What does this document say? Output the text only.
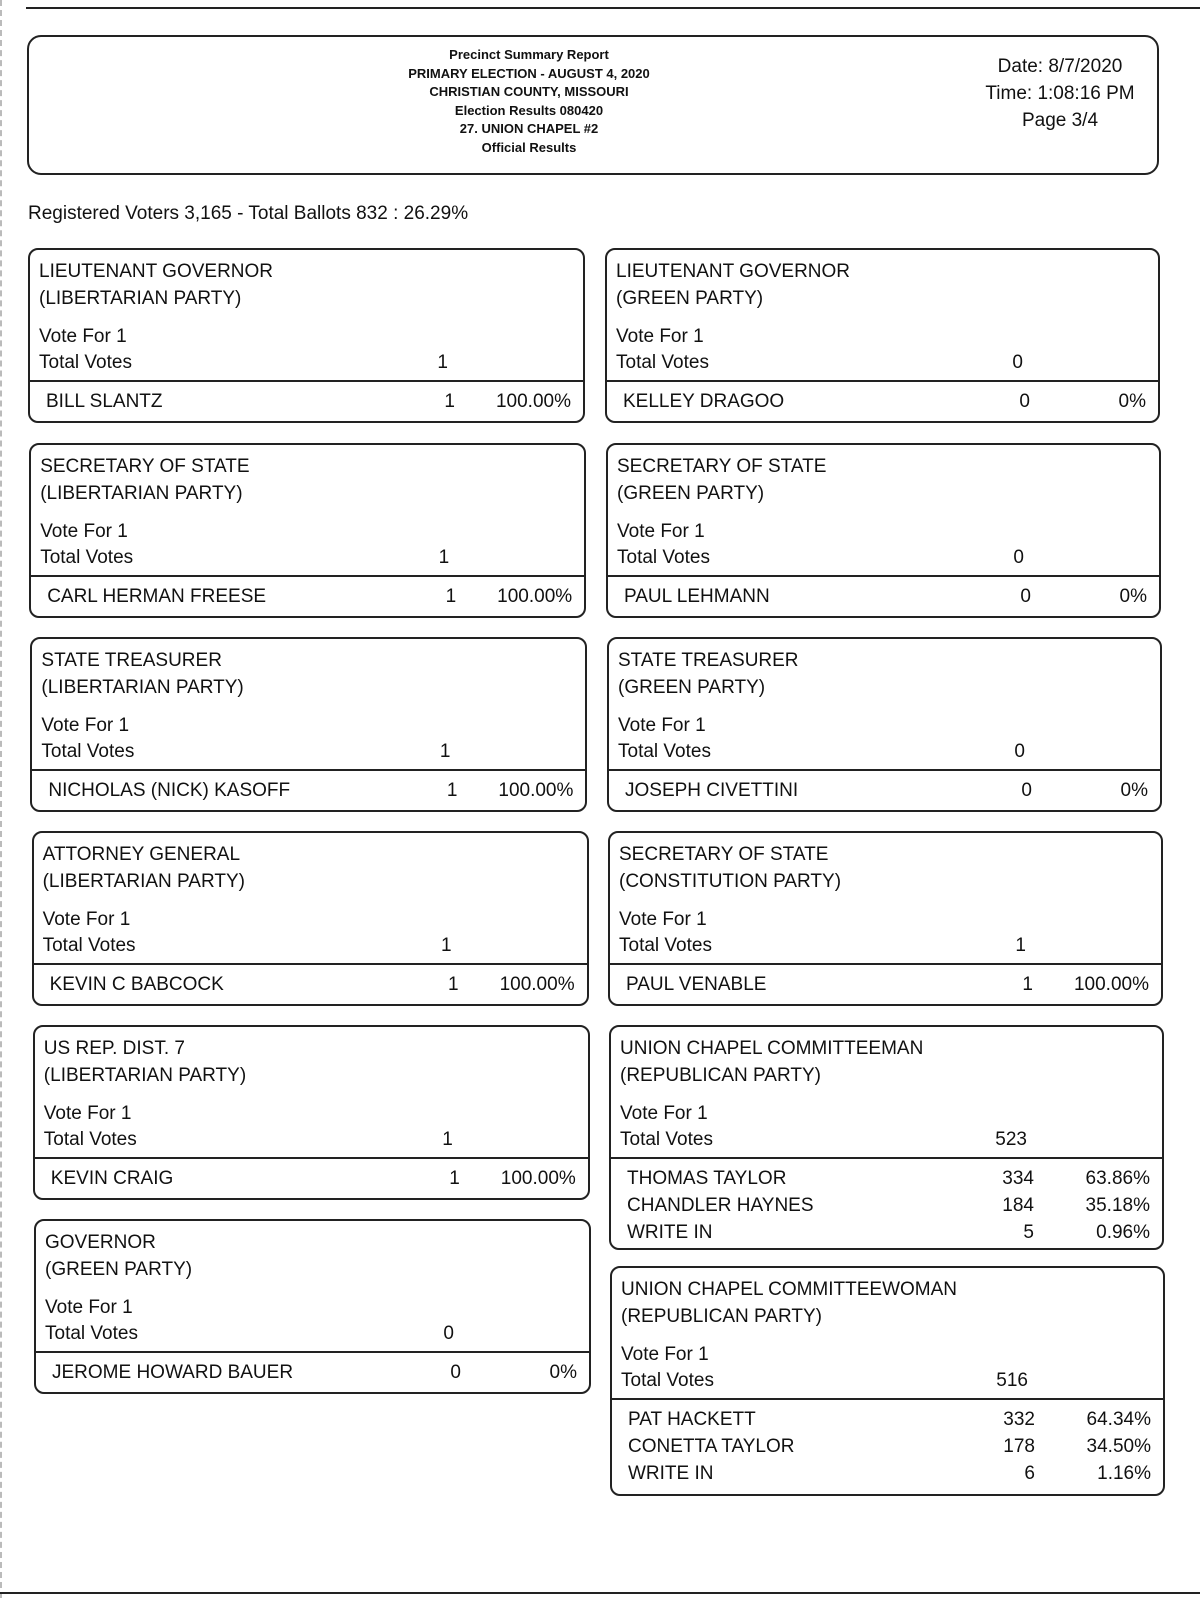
Precinct Summary Report
PRIMARY ELECTION - AUGUST 4, 2020
CHRISTIAN COUNTY, MISSOURI
Election Results 080420
27. UNION CHAPEL #2
Official Results
Date: 8/7/2020
Time: 1:08:16 PM
Page 3/4
Registered Voters 3,165 - Total Ballots 832 : 26.29%
LIEUTENANT GOVERNOR
(LIBERTARIAN PARTY)
Vote For 1
Total Votes	1
BILL SLANTZ	1	100.00%
SECRETARY OF STATE
(LIBERTARIAN PARTY)
Vote For 1
Total Votes	1
CARL HERMAN FREESE	1	100.00%
STATE TREASURER
(LIBERTARIAN PARTY)
Vote For 1
Total Votes	1
NICHOLAS (NICK) KASOFF	1	100.00%
ATTORNEY GENERAL
(LIBERTARIAN PARTY)
Vote For 1
Total Votes	1
KEVIN C BABCOCK	1	100.00%
US REP. DIST. 7
(LIBERTARIAN PARTY)
Vote For 1
Total Votes	1
KEVIN CRAIG	1	100.00%
GOVERNOR
(GREEN PARTY)
Vote For 1
Total Votes	0
JEROME HOWARD BAUER	0	0%
LIEUTENANT GOVERNOR
(GREEN PARTY)
Vote For 1
Total Votes	0
KELLEY DRAGOO	0	0%
SECRETARY OF STATE
(GREEN PARTY)
Vote For 1
Total Votes	0
PAUL LEHMANN	0	0%
STATE TREASURER
(GREEN PARTY)
Vote For 1
Total Votes	0
JOSEPH CIVETTINI	0	0%
SECRETARY OF STATE
(CONSTITUTION PARTY)
Vote For 1
Total Votes	1
PAUL VENABLE	1	100.00%
UNION CHAPEL COMMITTEEMAN
(REPUBLICAN PARTY)
Vote For 1
Total Votes	523
THOMAS TAYLOR	334	63.86%
CHANDLER HAYNES	184	35.18%
WRITE IN	5	0.96%
UNION CHAPEL COMMITTEEWOMAN
(REPUBLICAN PARTY)
Vote For 1
Total Votes	516
PAT HACKETT	332	64.34%
CONETTA TAYLOR	178	34.50%
WRITE IN	6	1.16%
